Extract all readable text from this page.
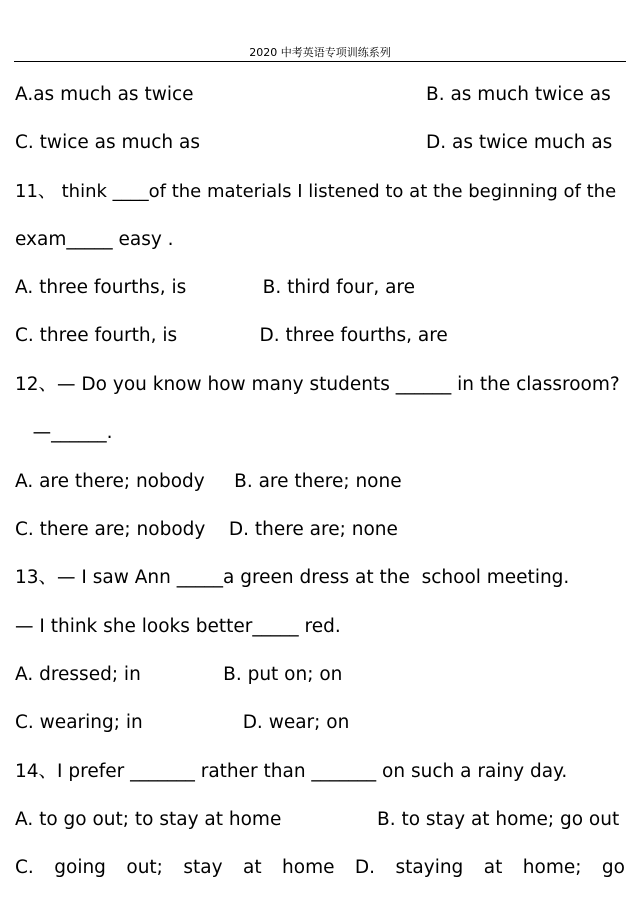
2020 中考英语专项训练系列
A.as much as twice	B. as much twice as
C. twice as much as	D. as twice much as
11、 think ____of the materials I listened to at the beginning of the
exam_____ easy .
A. three fourths, is             B. third four, are
C. three fourth, is              D. three fourths, are
12、— Do you know how many students ______ in the classroom?
—______.
A. are there; nobody     B. are there; none
C. there are; nobody    D. there are; none
13、— I saw Ann _____a green dress at the  school meeting.
— I think she looks better_____ red.
A. dressed; in              B. put on; on
C. wearing; in                 D. wear; on
14、I prefer _______ rather than _______ on such a rainy day.
A. to go out; to stay at home	B. to stay at home; go out
C. going out; stay at home D. staying at home; go
